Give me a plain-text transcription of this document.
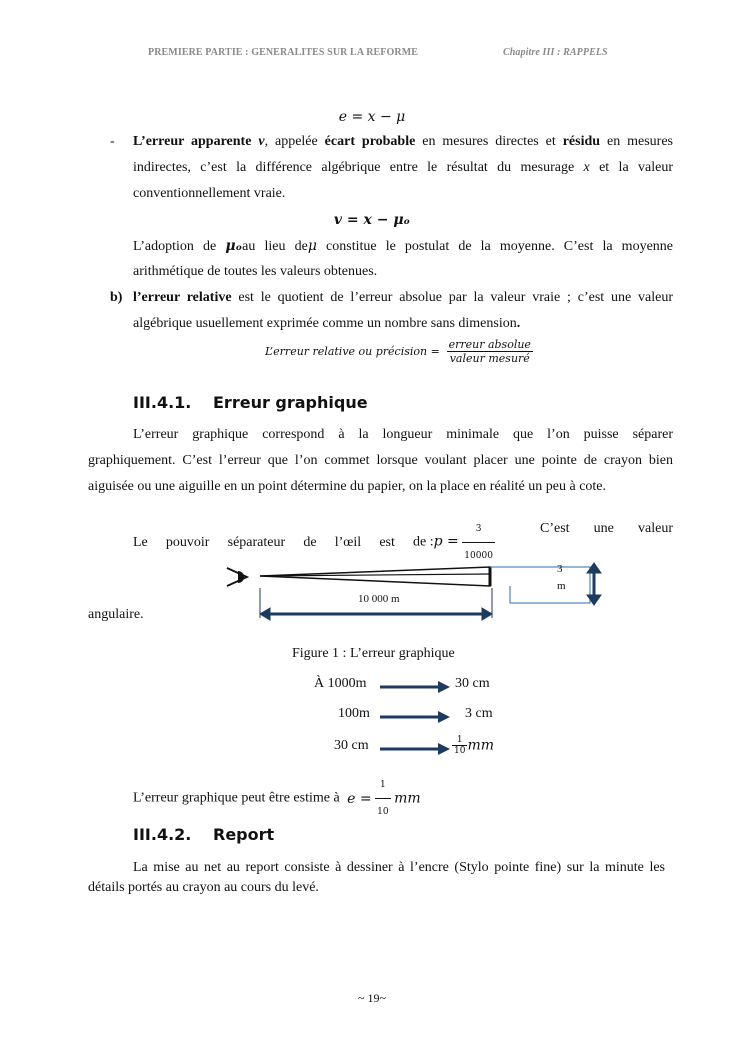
PREMIERE PARTIE : GENERALITES SUR LA REFORME	Chapitre III : RAPPELS
e = x − μ
- L’erreur apparente v, appelée écart probable en mesures directes et résidu en mesures
indirectes, c’est la différence algébrique entre le résultat du mesurage x et la valeur
conventionnellement vraie.
v = x − μₒ
L’adoption de μₒau lieu deμ constitue le postulat de la moyenne. C’est la moyenne
arithmétique de toutes les valeurs obtenues.
b) l’erreur relative est le quotient de l’erreur absolue par la valeur vraie ; c’est une valeur
algébrique usuellement exprimée comme un nombre sans dimension.
L’erreur relative ou précision = $\frac{\text{erreur absolue}}{\text{valeur mesuré}}$
III.4.1. Erreur graphique
L’erreur graphique correspond à la longueur minimale que l’on puisse séparer
graphiquement. C’est l’erreur que l’on commet lorsque voulant placer une pointe de crayon bien
aiguisée ou une aiguille en un point détermine du papier, on la place en réalité un peu à cote.
Le pouvoir séparateur de l’œil est de :p = $\frac{3}{10000}$	C’est une valeur
10 000 m
3
m
angulaire.
Figure 1 : L’erreur graphique
À 1000m	30 cm
100m	3 cm
30 cm	$\frac{1}{10}$ mm
L’erreur graphique peut être estime à $e = \frac{1}{10}$ mm
III.4.2. Report
La mise au net au report consiste à dessiner à l’encre (Stylo pointe fine) sur la minute les
détails portés au crayon au cours du levé.
~ 19~
